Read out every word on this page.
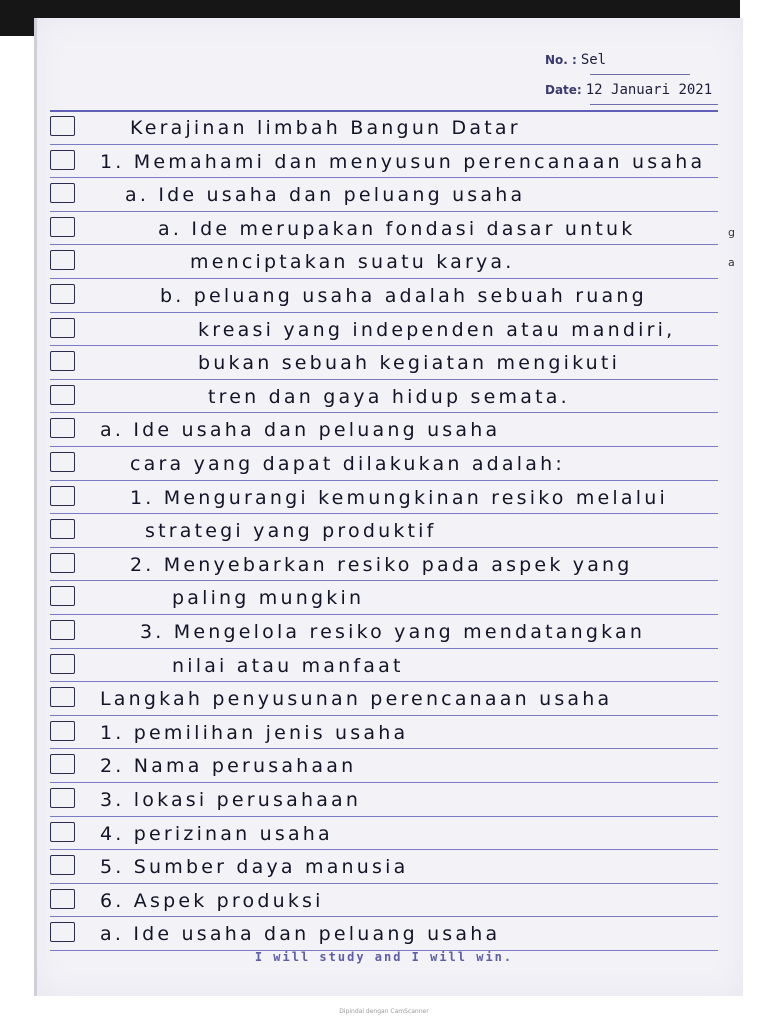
No. : Sel
Date: 12 Januari 2021
Kerajinan limbah Bangun Datar
1. Memahami dan menyusun perencanaan usaha
a. Ide usaha dan peluang usaha
a. Ide merupakan fondasi dasar untuk
menciptakan suatu karya.
b. peluang usaha adalah sebuah ruang
kreasi yang independen atau mandiri,
bukan sebuah kegiatan mengikuti
tren dan gaya hidup semata.
a. Ide usaha dan peluang usaha
cara yang dapat dilakukan adalah:
1. Mengurangi kemungkinan resiko melalui
strategi yang produktif
2. Menyebarkan resiko pada aspek yang
paling mungkin
3. Mengelola resiko yang mendatangkan
nilai atau manfaat
Langkah penyusunan perencanaan usaha
1. pemilihan jenis usaha
2. Nama perusahaan
3. lokasi perusahaan
4. perizinan usaha
5. Sumber daya manusia
6. Aspek produksi
a. Ide usaha dan peluang usaha
I will study and I will win.
Dipindai dengan CamScanner
g
a
